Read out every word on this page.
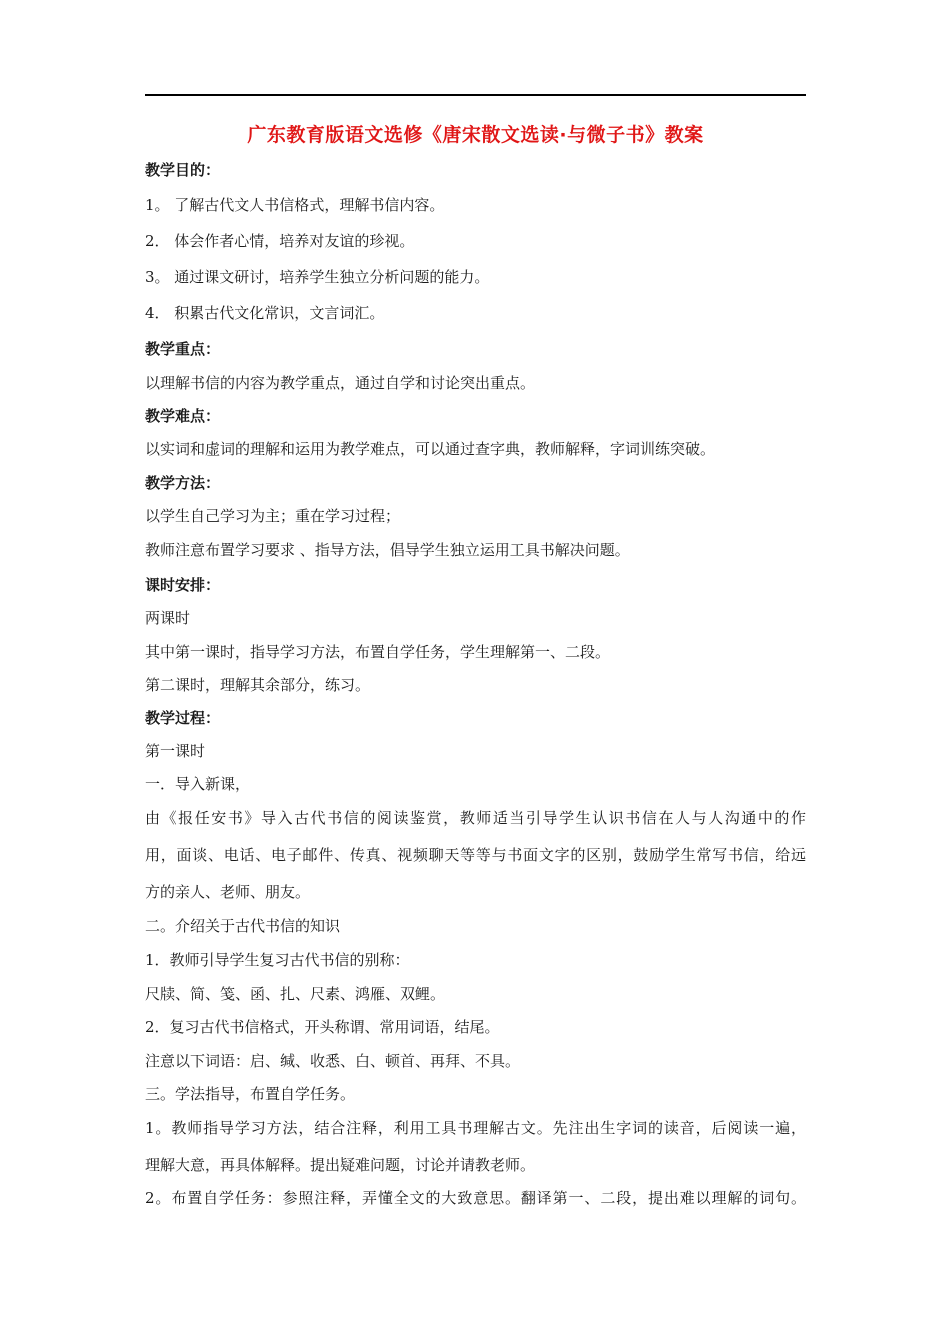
广东教育版语文选修《唐宋散文选读·与微子书》教案
教学目的：
1。 了解古代文人书信格式，理解书信内容。
2． 体会作者心情，培养对友谊的珍视。
3。 通过课文研讨，培养学生独立分析问题的能力。
4． 积累古代文化常识，文言词汇。
教学重点：
以理解书信的内容为教学重点，通过自学和讨论突出重点。
教学难点：
以实词和虚词的理解和运用为教学难点，可以通过查字典，教师解释，字词训练突破。
教学方法：
以学生自己学习为主；重在学习过程；
教师注意布置学习要求 、指导方法，倡导学生独立运用工具书解决问题。
课时安排：
两课时
其中第一课时，指导学习方法，布置自学任务，学生理解第一、二段。
第二课时，理解其余部分，练习。
教学过程：
第一课时
一．导入新课，
由《报任安书》导入古代书信的阅读鉴赏，教师适当引导学生认识书信在人与人沟通中的作
用，面谈、电话、电子邮件、传真、视频聊天等等与书面文字的区别，鼓励学生常写书信，给远
方的亲人、老师、朋友。
二。介绍关于古代书信的知识
1．教师引导学生复习古代书信的别称：
尺牍、简、笺、函、扎、尺素、鸿雁、双鲤。
2．复习古代书信格式，开头称谓、常用词语，结尾。
注意以下词语：启、缄、收悉、白、顿首、再拜、不具。
三。学法指导，布置自学任务。
1。教师指导学习方法，结合注释，利用工具书理解古文。先注出生字词的读音，后阅读一遍，
理解大意，再具体解释。提出疑难问题，讨论并请教老师。
2。布置自学任务：参照注释，弄懂全文的大致意思。翻译第一、二段，提出难以理解的词句。
